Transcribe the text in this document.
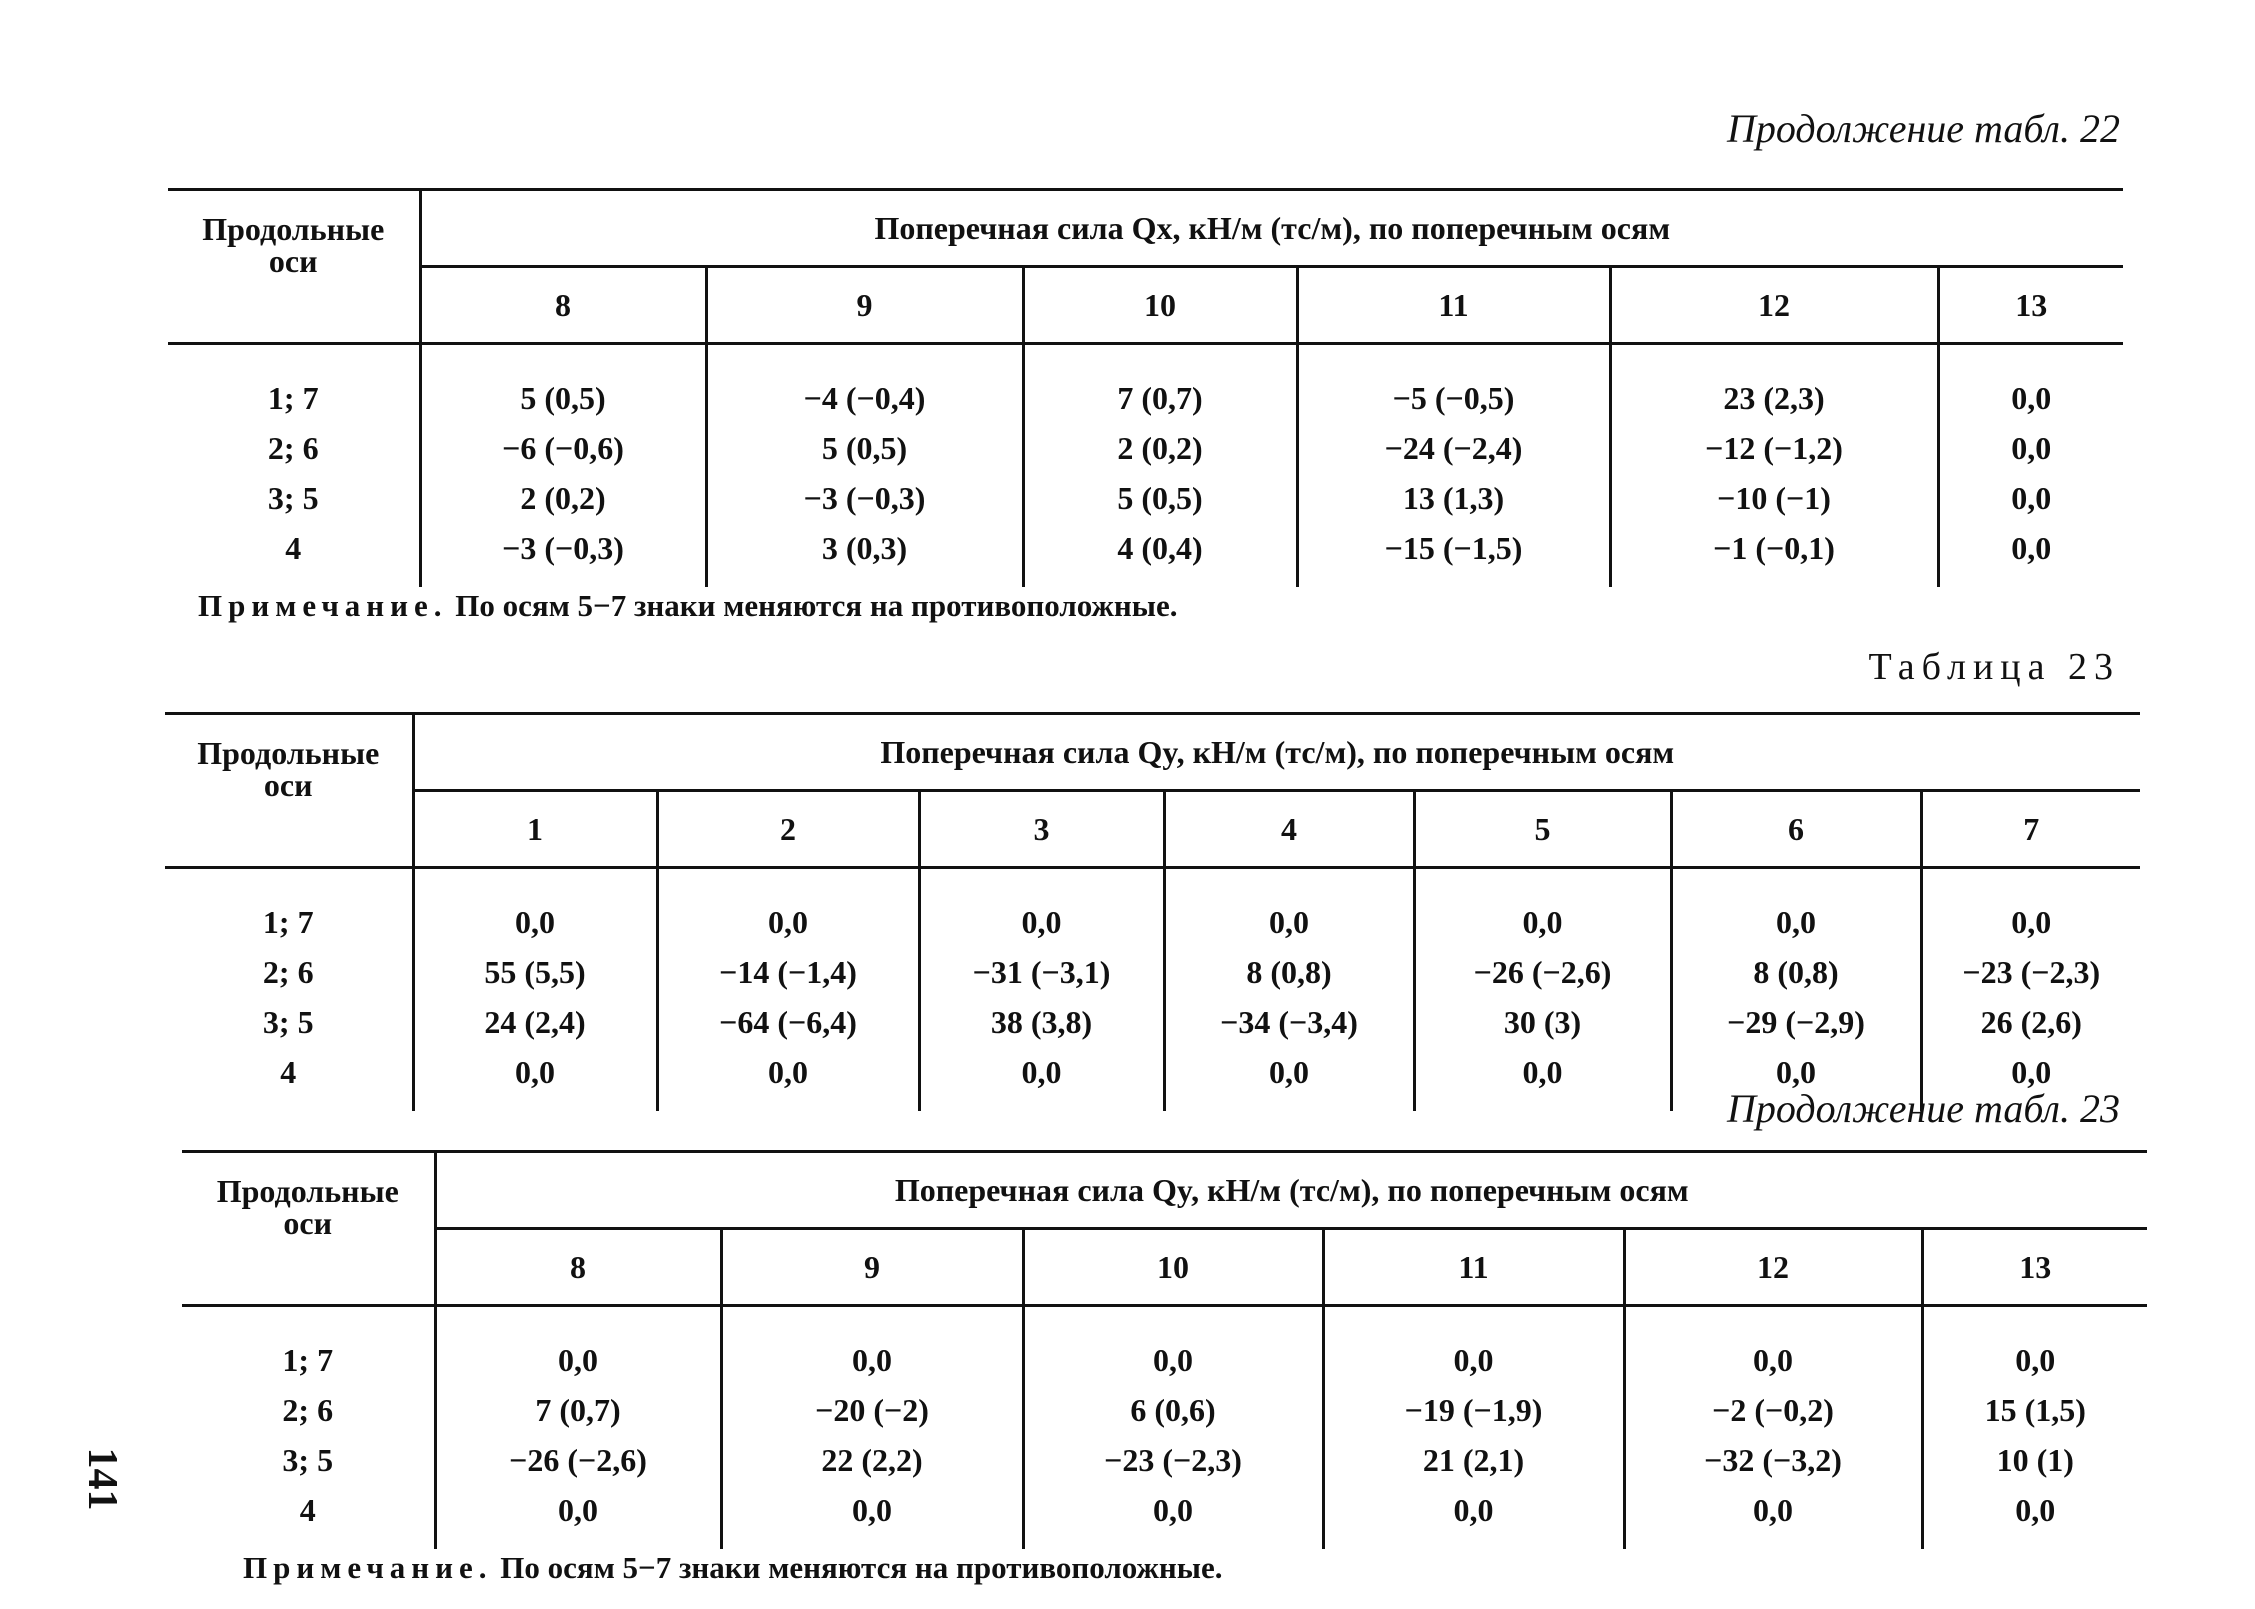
Продолжение табл. 22
Продольные
оси	Поперечная сила Qx, кН/м (тс/м), по поперечным осям					
	8	9	10	11	12	13
1; 7	5 (0,5)	−4 (−0,4)	7 (0,7)	−5 (−0,5)	23 (2,3)	0,0
2; 6	−6 (−0,6)	5 (0,5)	2 (0,2)	−24 (−2,4)	−12 (−1,2)	0,0
3; 5	2 (0,2)	−3 (−0,3)	5 (0,5)	13 (1,3)	−10 (−1)	0,0
4	−3 (−0,3)	3 (0,3)	4 (0,4)	−15 (−1,5)	−1 (−0,1)	0,0
Примечание. По осям 5−7 знаки меняются на противоположные.
Таблица 23
Продольные
оси	Поперечная сила Qy, кН/м (тс/м), по поперечным осям						
	1	2	3	4	5	6	7
1; 7	0,0	0,0	0,0	0,0	0,0	0,0	0,0
2; 6	55 (5,5)	−14 (−1,4)	−31 (−3,1)	8 (0,8)	−26 (−2,6)	8 (0,8)	−23 (−2,3)
3; 5	24 (2,4)	−64 (−6,4)	38 (3,8)	−34 (−3,4)	30 (3)	−29 (−2,9)	26 (2,6)
4	0,0	0,0	0,0	0,0	0,0	0,0	0,0
Продолжение табл. 23
Продольные
оси	Поперечная сила Qy, кН/м (тс/м), по поперечным осям					
	8	9	10	11	12	13
1; 7	0,0	0,0	0,0	0,0	0,0	0,0
2; 6	7 (0,7)	−20 (−2)	6 (0,6)	−19 (−1,9)	−2 (−0,2)	15 (1,5)
3; 5	−26 (−2,6)	22 (2,2)	−23 (−2,3)	21 (2,1)	−32 (−3,2)	10 (1)
4	0,0	0,0	0,0	0,0	0,0	0,0
Примечание. По осям 5−7 знаки меняются на противоположные.
141
